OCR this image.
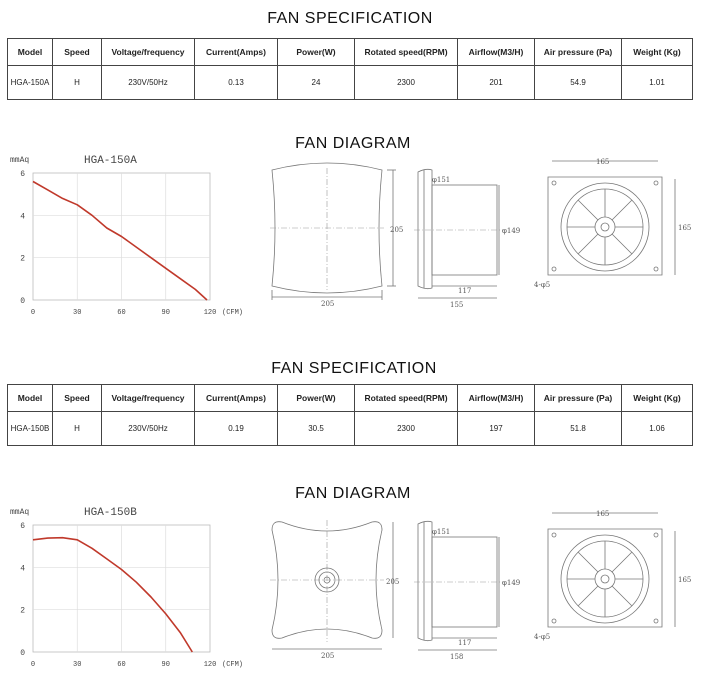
FAN SPECIFICATION
Model	Speed	Voltage/frequency	Current(Amps)	Power(W)	Rotated speed(RPM)	Airflow(M3/H)	Air pressure (Pa)	Weight (Kg)
HGA-150A	H	230V/50Hz	0.13	24	2300	201	54.9	1.01
FAN DIAGRAM
0	30	60	90	120
0
2
4
6
mmAq	HGA-150A
(CFM)
205
205
φ151
φ149
117
155
165
165
4-φ5
FAN SPECIFICATION
Model	Speed	Voltage/frequency	Current(Amps)	Power(W)	Rotated speed(RPM)	Airflow(M3/H)	Air pressure (Pa)	Weight (Kg)
HGA-150B	H	230V/50Hz	0.19	30.5	2300	197	51.8	1.06
FAN DIAGRAM
0	30	60	90	120
0
2
4
6
mmAq	HGA-150B
(CFM)
205
205
φ151
φ149
117
158
165
165
4-φ5
